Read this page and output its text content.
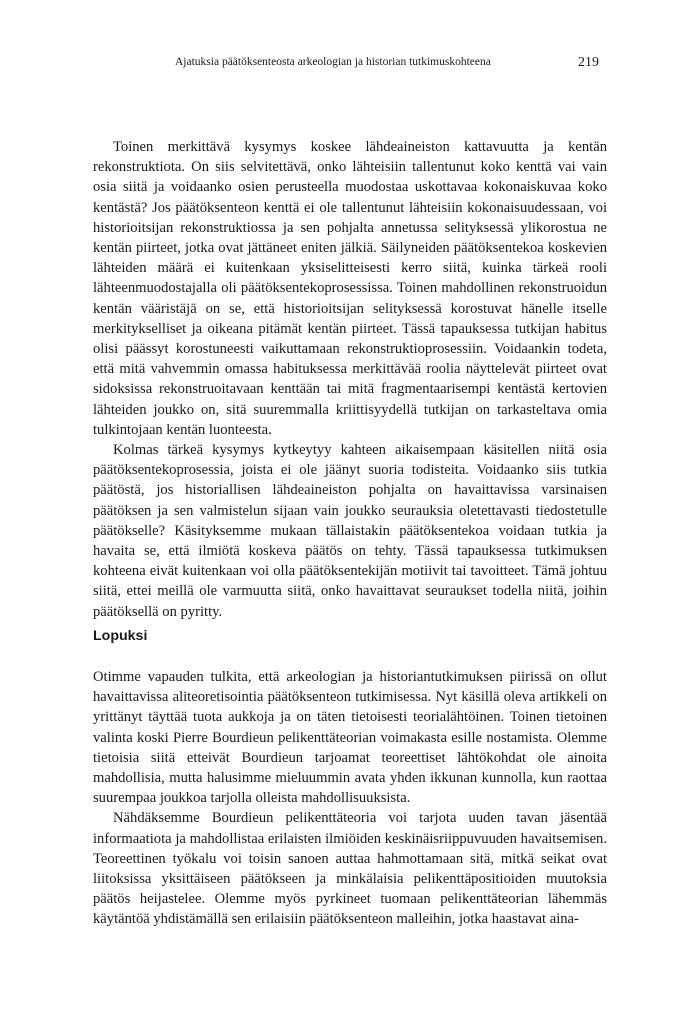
Ajatuksia päätöksenteosta arkeologian ja historian tutkimuskohteena	219

Toinen merkittävä kysymys koskee lähdeaineiston kattavuutta ja kentän rekonstruktiota. On siis selvitettävä, onko lähteisiin tallentunut koko kenttä vai vain osia siitä ja voidaanko osien perusteella muodostaa uskottavaa kokonaiskuvaa koko kentästä? Jos päätöksenteon kenttä ei ole tallentunut lähteisiin kokonaisuudessaan, voi historioitsijan rekonstruktiossa ja sen pohjalta annetussa selityksessä ylikorostua ne kentän piirteet, jotka ovat jättäneet eniten jälkiä. Säilyneiden päätöksentekoa koskevien lähteiden määrä ei kuitenkaan yksiselitteisesti kerro siitä, kuinka tärkeä rooli lähteenmuodostajalla oli päätöksentekoprosessissa. Toinen mahdollinen rekonstruoidun kentän vääristäjä on se, että historioitsijan selityksessä korostuvat hänelle itselle merkitykselliset ja oikeana pitämät kentän piirteet. Tässä tapauksessa tutkijan habitus olisi päässyt korostuneesti vaikuttamaan rekonstruktioprosessiin. Voidaankin todeta, että mitä vahvemmin omassa habituksessa merkittävää roolia näyttelevät piirteet ovat sidoksissa rekonstruoitavaan kenttään tai mitä fragmentaarisempi kentästä kertovien lähteiden joukko on, sitä suuremmalla kriittisyydellä tutkijan on tarkasteltava omia tulkintojaan kentän luonteesta.

Kolmas tärkeä kysymys kytkeytyy kahteen aikaisempaan käsitellen niitä osia päätöksentekoprosessia, joista ei ole jäänyt suoria todisteita. Voidaanko siis tutkia päätöstä, jos historiallisen lähdeaineiston pohjalta on havaittavissa varsinaisen päätöksen ja sen valmistelun sijaan vain joukko seurauksia oletettavasti tiedostetulle päätökselle? Käsityksemme mukaan tällaistakin päätöksentekoa voidaan tutkia ja havaita se, että ilmiötä koskeva päätös on tehty. Tässä tapauksessa tutkimuksen kohteena eivät kuitenkaan voi olla päätöksentekijän motiivit tai tavoitteet. Tämä johtuu siitä, ettei meillä ole varmuutta siitä, onko havaittavat seuraukset todella niitä, joihin päätöksellä on pyritty.

Lopuksi

Otimme vapauden tulkita, että arkeologian ja historiantutkimuksen piirissä on ollut havaittavissa aliteoretisointia päätöksenteon tutkimisessa. Nyt käsillä oleva artikkeli on yrittänyt täyttää tuota aukkoja ja on täten tietoisesti teorialähtöinen. Toinen tietoinen valinta koski Pierre Bourdieun pelikenttäteorian voimakasta esille nostamista. Olemme tietoisia siitä etteivät Bourdieun tarjoamat teoreettiset lähtökohdat ole ainoita mahdollisia, mutta halusimme mieluummin avata yhden ikkunan kunnolla, kun raottaa suurempaa joukkoa tarjolla olleista mahdollisuuksista.

Nähdäksemme Bourdieun pelikenttäteoria voi tarjota uuden tavan jäsentää informaatiota ja mahdollistaa erilaisten ilmiöiden keskinäisriippuvuuden havaitsemisen. Teoreettinen työkalu voi toisin sanoen auttaa hahmottamaan sitä, mitkä seikat ovat liitoksissa yksittäiseen päätökseen ja minkälaisia pelikenttäpositioiden muutoksia päätös heijastelee. Olemme myös pyrkineet tuomaan pelikenttäteorian lähemmäs käytäntöä yhdistämällä sen erilaisiin päätöksenteon malleihin, jotka haastavat aina-
